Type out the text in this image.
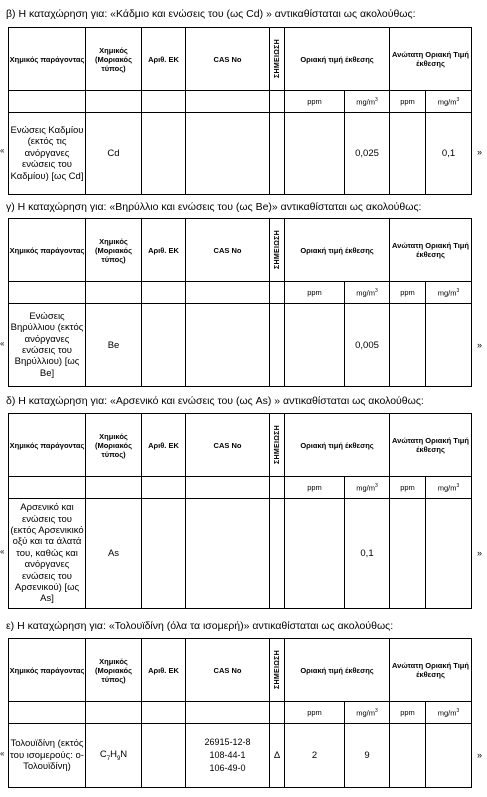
β) Η καταχώρηση για: «Κάδμιο και ενώσεις του (ως Cd) » αντικαθίσταται ως ακολούθως:
Χημικός παράγοντας	Χημικός (Μοριακός τύπος)	Αριθ. ΕΚ	CAS No	ΣΗΜΕΙΩΣΗ	Οριακή τιμή έκθεσης		Ανώτατη Οριακή Τιμή έκθεσης	
					ppm	$mg/m^3$	ppm	$mg/m^3$
Ενώσεις Καδμίου (εκτός τις ανόργανες ενώσεις του Καδμίου) [ως Cd]	Cd					0,025		0,1
«	»
γ) Η καταχώρηση για: «Βηρύλλιο και ενώσεις του (ως Be)» αντικαθίσταται ως ακολούθως:
Χημικός παράγοντας	Χημικός (Μοριακός τύπος)	Αριθ. ΕΚ	CAS No	ΣΗΜΕΙΩΣΗ	Οριακή τιμή έκθεσης		Ανώτατη Οριακή Τιμή έκθεσης	
					ppm	$mg/m^3$	ppm	$mg/m^3$
Ενώσεις Βηρύλλιου (εκτός ανόργανες ενώσεις του Βηρύλλιου) [ως Be]	Be					0,005		
«	»
δ) Η καταχώρηση για: «Αρσενικό και ενώσεις του (ως As) » αντικαθίσταται ως ακολούθως:
Χημικός παράγοντας	Χημικός (Μοριακός τύπος)	Αριθ. ΕΚ	CAS No	ΣΗΜΕΙΩΣΗ	Οριακή τιμή έκθεσης		Ανώτατη Οριακή Τιμή έκθεσης	
					ppm	$mg/m^3$	ppm	$mg/m^3$
Αρσενικό και ενώσεις του (εκτός Αρσενικικό οξύ και τα άλατά του, καθώς και ανόργανες ενώσεις του Αρσενικού) [ως As]	As					0,1		
«	»
ε) Η καταχώρηση για: «Τολουϊδίνη (όλα τα ισομερή)» αντικαθίσταται ως ακολούθως:
Χημικός παράγοντας	Χημικός (Μοριακός τύπος)	Αριθ. ΕΚ	CAS No	ΣΗΜΕΙΩΣΗ	Οριακή τιμή έκθεσης		Ανώτατη Οριακή Τιμή έκθεσης	
					ppm	$mg/m^3$	ppm	$mg/m^3$
Τολουϊδίνη (εκτός του ισομερούς: ο-Τολουϊδίνη)	$C_7H_9N$		26915-12-8
108-44-1
106-49-0	Δ	2	9		
«	»
